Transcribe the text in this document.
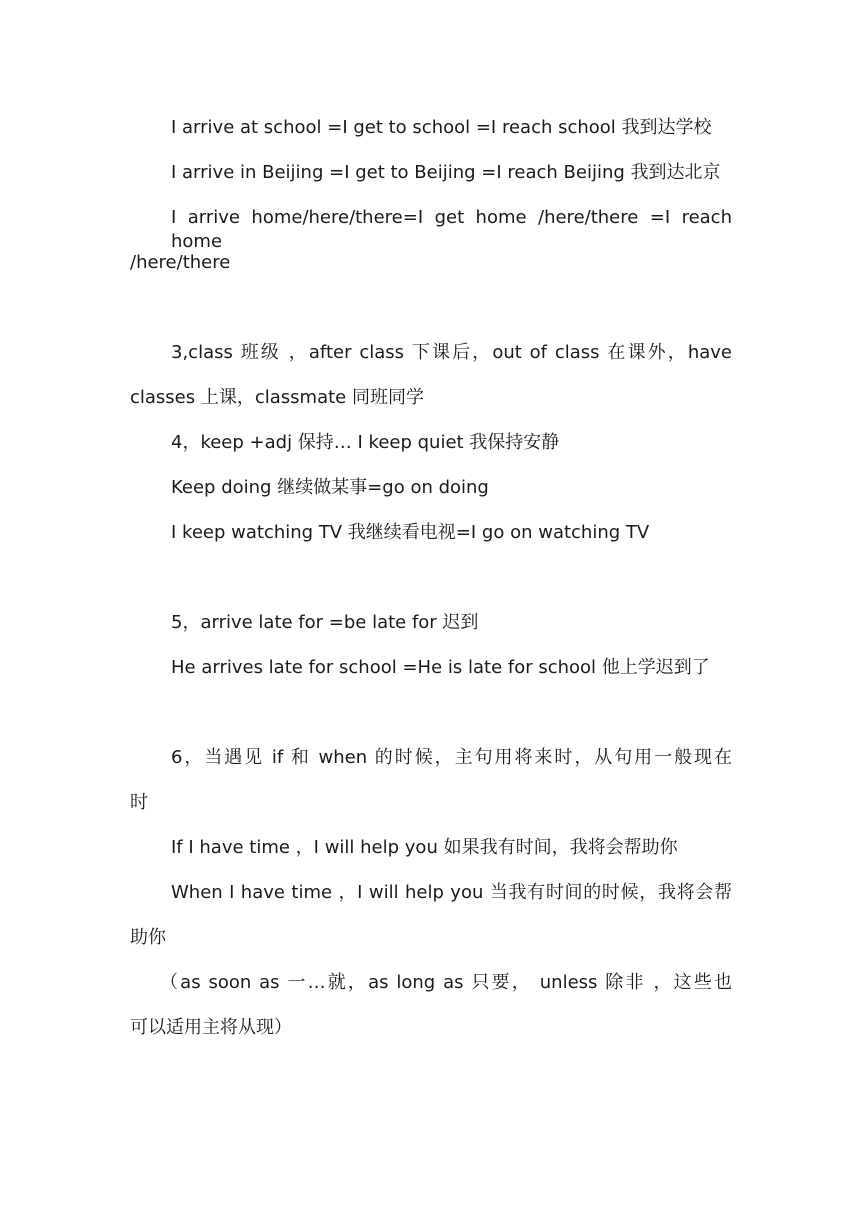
I arrive at school =I get to school =I reach school 我到达学校
I arrive in Beijing =I get to Beijing =I reach Beijing 我到达北京
I arrive home/here/there=I get home /here/there =I reach home
/here/there
3,class 班级 ，after class 下课后，out of class 在课外，have
classes 上课，classmate 同班同学
4，keep +adj 保持… I keep quiet 我保持安静
Keep doing 继续做某事=go on doing
I keep watching TV 我继续看电视=I go on watching TV
5，arrive late for =be late for 迟到
He arrives late for school =He is late for school 他上学迟到了
6，当遇见 if 和 when 的时候，主句用将来时，从句用一般现在
时
If I have time ，I will help you 如果我有时间，我将会帮助你
When I have time ，I will help you 当我有时间的时候，我将会帮
助你
（as soon as 一…就，as long as 只要， unless 除非 ，这些也
可以适用主将从现）
